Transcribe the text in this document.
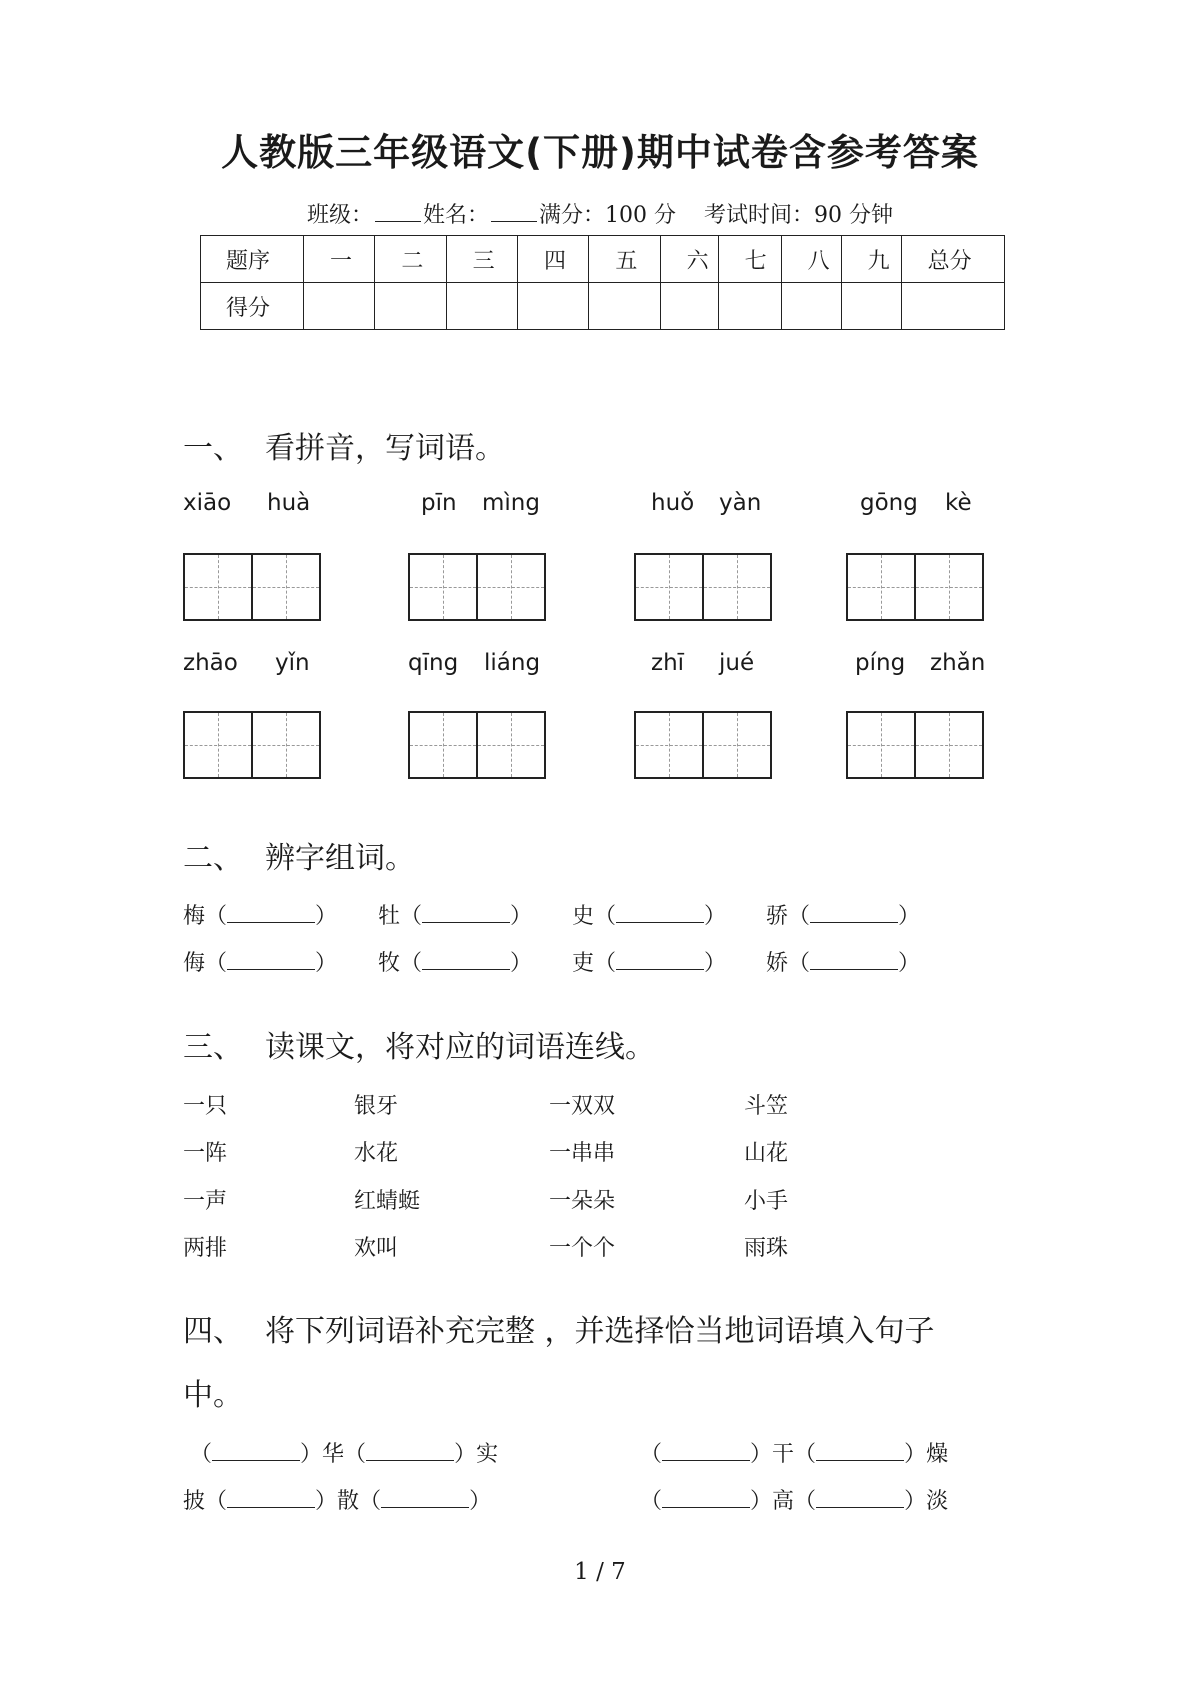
人教版三年级语文(下册)期中试卷含参考答案
班级： 姓名： 满分：100 分 考试时间：90 分钟
题序	一	二	三	四	五	六	七	八	九	总分
得分										
一、 看拼音，写词语。
xiāo huà	pīn mìng	huǒ yàn	gōng kè
zhāo yǐn	qīng liáng	zhī jué	píng zhǎn
二、 辨字组词。
梅（	） 牡（	） 史（	） 骄（	）
侮（	） 牧（	） 吏（	） 娇（	）
三、 读课文，将对应的词语连线。
一只	银牙	一双双	斗笠
一阵	水花	一串串	山花
一声	红蜻蜓	一朵朵	小手
两排	欢叫	一个个	雨珠
四、 将下列词语补充完整 ，并选择恰当地词语填入句子
中。
（	）华（	）实	（	）干（	）燥
披（	）散（	）	（	）高（	）淡
1 / 7
